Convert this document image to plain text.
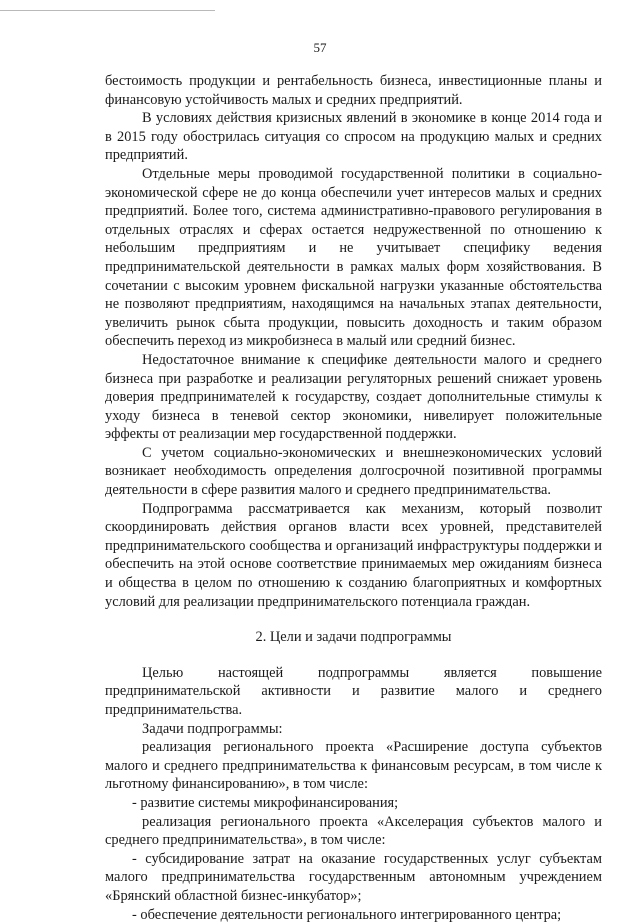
57

бестоимость продукции и рентабельность бизнеса, инвестиционные планы и финансовую устойчивость малых и средних предприятий.

В условиях действия кризисных явлений в экономике в конце 2014 года и в 2015 году обострилась ситуация со спросом на продукцию малых и средних предприятий.

Отдельные меры проводимой государственной политики в социально-экономической сфере не до конца обеспечили учет интересов малых и средних предприятий. Более того, система административно-правового регулирования в отдельных отраслях и сферах остается недружественной по отношению к небольшим предприятиям и не учитывает специфику ведения предпринимательской деятельности в рамках малых форм хозяйствования. В сочетании с высоким уровнем фискальной нагрузки указанные обстоятельства не позволяют предприятиям, находящимся на начальных этапах деятельности, увеличить рынок сбыта продукции, повысить доходность и таким образом обеспечить переход из микробизнеса в малый или средний бизнес.

Недостаточное внимание к специфике деятельности малого и среднего бизнеса при разработке и реализации регуляторных решений снижает уровень доверия предпринимателей к государству, создает дополнительные стимулы к уходу бизнеса в теневой сектор экономики, нивелирует положительные эффекты от реализации мер государственной поддержки.

С учетом социально-экономических и внешнеэкономических условий возникает необходимость определения долгосрочной позитивной программы деятельности в сфере развития малого и среднего предпринимательства.

Подпрограмма рассматривается как механизм, который позволит скоординировать действия органов власти всех уровней, представителей предпринимательского сообщества и организаций инфраструктуры поддержки и обеспечить на этой основе соответствие принимаемых мер ожиданиям бизнеса и общества в целом по отношению к созданию благоприятных и комфортных условий для реализации предпринимательского потенциала граждан.

2. Цели и задачи подпрограммы

Целью настоящей подпрограммы является повышение предпринимательской активности и развитие малого и среднего предпринимательства.

Задачи подпрограммы:

реализация регионального проекта «Расширение доступа субъектов малого и среднего предпринимательства к финансовым ресурсам, в том числе к льготному финансированию», в том числе:

- развитие системы микрофинансирования;

реализация регионального проекта «Акселерация субъектов малого и среднего предпринимательства», в том числе:

- субсидирование затрат на оказание государственных услуг субъектам малого предпринимательства государственным автономным учреждением «Брянский областной бизнес-инкубатор»;

- обеспечение деятельности регионального интегрированного центра;
